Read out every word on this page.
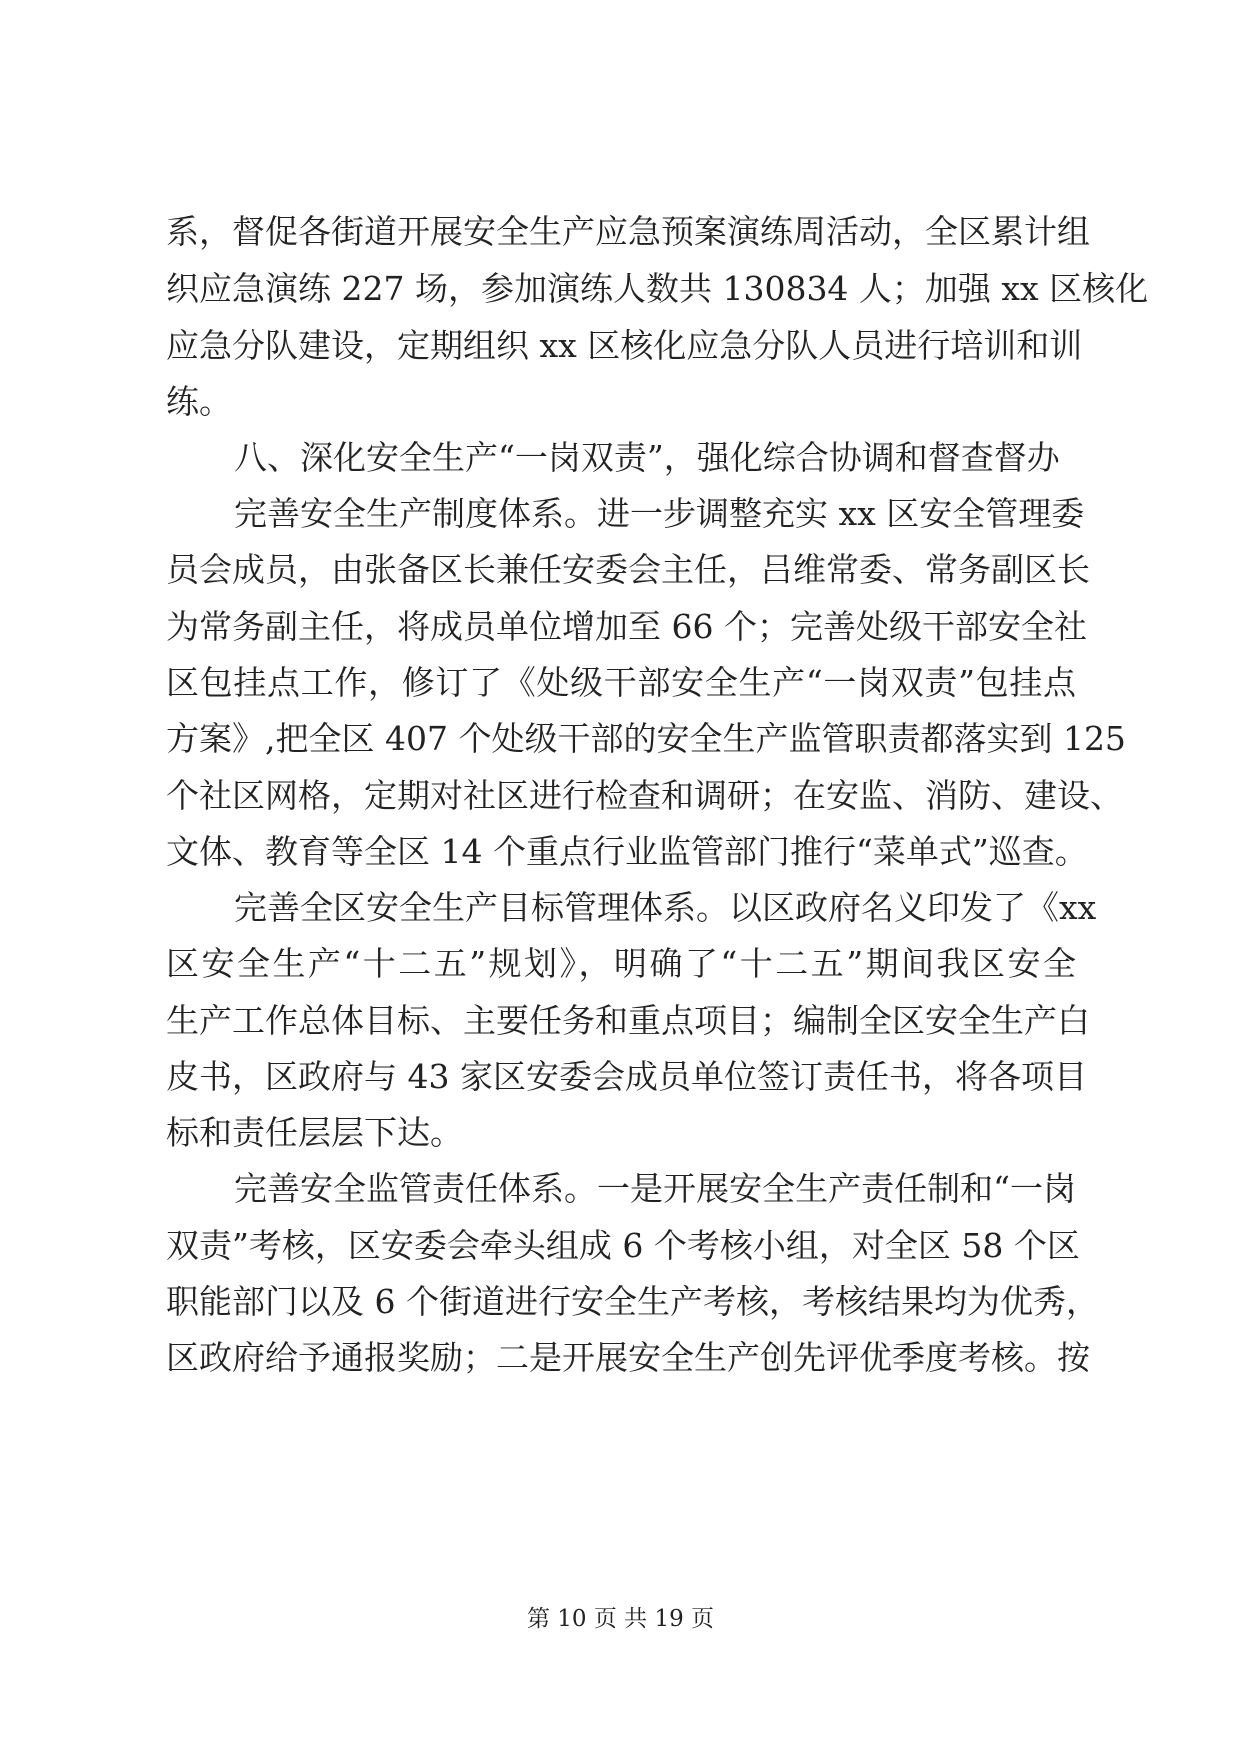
系，督促各街道开展安全生产应急预案演练周活动，全区累计组
织应急演练 227 场，参加演练人数共 130834 人；加强 xx 区核化
应急分队建设，定期组织 xx 区核化应急分队人员进行培训和训
练。
八、深化安全生产“一岗双责”，强化综合协调和督查督办
完善安全生产制度体系。进一步调整充实 xx 区安全管理委
员会成员，由张备区长兼任安委会主任，吕维常委、常务副区长
为常务副主任，将成员单位增加至 66 个；完善处级干部安全社
区包挂点工作，修订了《处级干部安全生产“一岗双责”包挂点
方案》,把全区 407 个处级干部的安全生产监管职责都落实到 125
个社区网格，定期对社区进行检查和调研；在安监、消防、建设、
文体、教育等全区 14 个重点行业监管部门推行“菜单式”巡查。
完善全区安全生产目标管理体系。以区政府名义印发了《xx
区安全生产“十二五”规划》，明确了“十二五”期间我区安全
生产工作总体目标、主要任务和重点项目；编制全区安全生产白
皮书，区政府与 43 家区安委会成员单位签订责任书，将各项目
标和责任层层下达。
完善安全监管责任体系。一是开展安全生产责任制和“一岗
双责”考核，区安委会牵头组成 6 个考核小组，对全区 58 个区
职能部门以及 6 个街道进行安全生产考核，考核结果均为优秀，
区政府给予通报奖励；二是开展安全生产创先评优季度考核。按
第 10 页 共 19 页
